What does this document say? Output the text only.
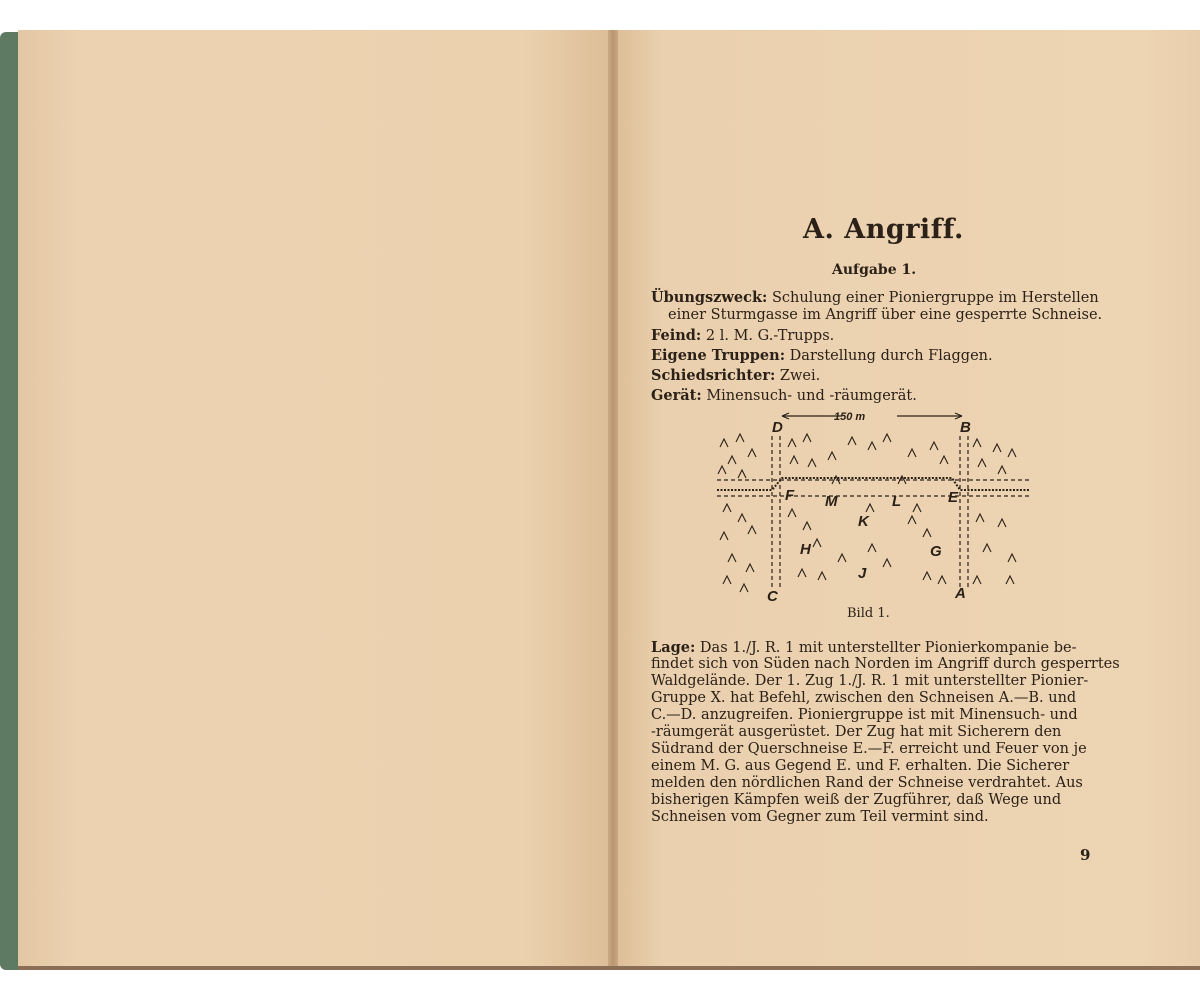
A. Angriff.
Aufgabe 1.
Übungszweck: Schulung einer Pioniergruppe im Herstellen
einer Sturmgasse im Angriff über eine gesperrte Schneise.
Feind: 2 l. M. G.-Trupps.
Eigene Truppen: Darstellung durch Flaggen.
Schiedsrichter: Zwei.
Gerät: Minensuch- und -räumgerät.
150 m
D	B
F	E
M	L
K
H	G
J
C	A
Bild 1.
Lage: Das 1./J. R. 1 mit unterstellter Pionierkompanie be-
findet sich von Süden nach Norden im Angriff durch gesperrtes
Waldgelände. Der 1. Zug 1./J. R. 1 mit unterstellter Pionier-
Gruppe X. hat Befehl, zwischen den Schneisen A.—B. und
C.—D. anzugreifen. Pioniergruppe ist mit Minensuch- und
-räumgerät ausgerüstet. Der Zug hat mit Sicherern den
Südrand der Querschneise E.—F. erreicht und Feuer von je
einem M. G. aus Gegend E. und F. erhalten. Die Sicherer
melden den nördlichen Rand der Schneise verdrahtet. Aus
bisherigen Kämpfen weiß der Zugführer, daß Wege und
Schneisen vom Gegner zum Teil vermint sind.
9
